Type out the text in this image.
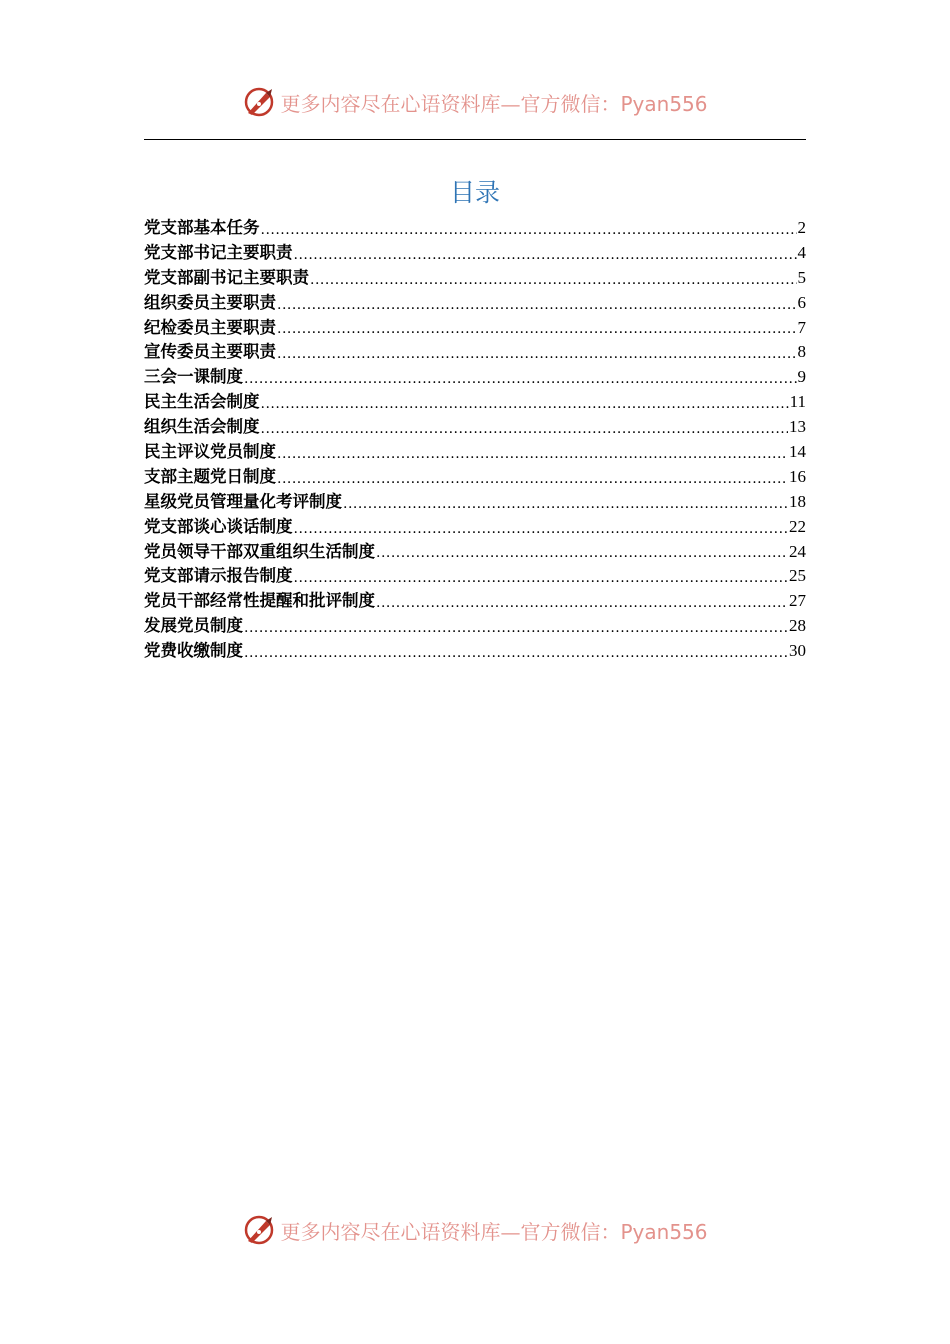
更多内容尽在心语资料库—官方微信：Pyan556
目录
党支部基本任务 .....	2
党支部书记主要职责 .....	4
党支部副书记主要职责 .....	5
组织委员主要职责 .....	6
纪检委员主要职责 .....	7
宣传委员主要职责 .....	8
三会一课制度 .....	9
民主生活会制度 .....	11
组织生活会制度 .....	13
民主评议党员制度 .....	14
支部主题党日制度 .....	16
星级党员管理量化考评制度 .....	18
党支部谈心谈话制度 .....	22
党员领导干部双重组织生活制度 .....	24
党支部请示报告制度 .....	25
党员干部经常性提醒和批评制度 .....	27
发展党员制度 .....	28
党费收缴制度 .....	30
更多内容尽在心语资料库—官方微信：Pyan556
